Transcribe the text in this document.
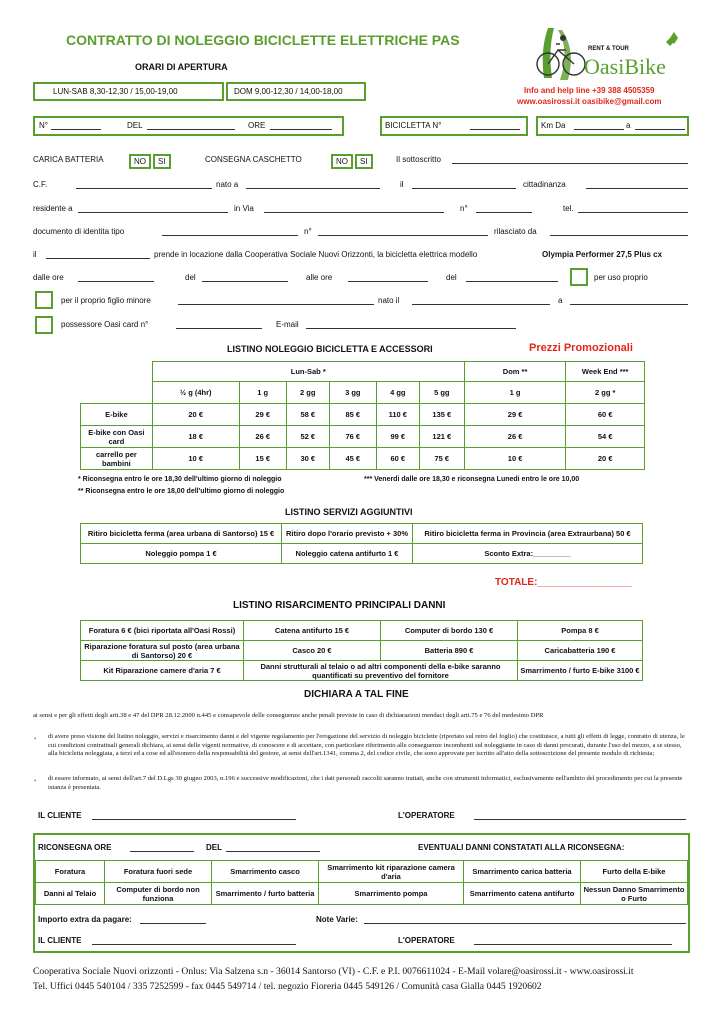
CONTRATTO DI NOLEGGIO BICICLETTE ELETTRICHE PAS
ORARI DI APERTURA
LUN-SAB 8,30-12,30 / 15,00-19,00	DOM 9,00-12,30 / 14,00-18,00
RENT & TOUR
OasiBike
Info and help line +39 388 4505359
www.oasirossi.it oasibike@gmail.com
N°	DEL	ORE	BICICLETTA N°	Km Da	a
CARICA BATTERIA	NO SI	CONSEGNA CASCHETTO	NO SI	Il sottoscritto
C.F.	nato a	il	cittadinanza
residente a	in Via	n°	tel.
documento di identita tipo	n°	rilasciato da
il	prende in locazione dalla Cooperativa Sociale Nuovi Orizzonti, la bicicletta elettrica modello	Olympia Performer 27,5 Plus cx
dalle ore	del	alle ore	del	per uso proprio
per il proprio figlio minore	nato il	a
possessore Oasi card n°	E-mail
LISTINO NOLEGGIO BICICLETTA E ACCESSORI	Prezzi Promozionali
	Lun-Sab *						Dom **	Week End ***
	½ g (4hr)	1 g	2 gg	3 gg	4 gg	5 gg	1 g	2 gg *
E-bike	20 €	29 €	58 €	85 €	110 €	135 €	29 €	60 €
E-bike con Oasi card	18 €	26 €	52 €	76 €	99 €	121 €	26 €	54 €
carrello per bambini	10 €	15 €	30 €	45 €	60 €	75 €	10 €	20 €
* Riconsegna entro le ore 18,30 dell'ultimo giorno di noleggio	*** Venerdi dalle ore 18,30 e riconsegna Lunedi entro le ore 10,00
** Riconsegna entro le ore 18,00 dell'ultimo giorno di noleggio
LISTINO SERVIZI AGGIUNTIVI
Ritiro bicicletta ferma (area urbana di Santorso) 15 €	Ritiro dopo l'orario previsto + 30%	Ritiro bicicletta ferma in Provincia (area Extraurbana) 50 €
Noleggio pompa 1 €	Noleggio catena antifurto 1 €	Sconto Extra:_________
TOTALE:_________________
LISTINO RISARCIMENTO PRINCIPALI DANNI
Foratura 6 € (bici riportata all'Oasi Rossi)	Catena antifurto 15 €	Computer di bordo 130 €	Pompa 8 €
Riparazione foratura sul posto (area urbana di Santorso) 20 €	Casco 20 €	Batteria 890 €	Caricabatteria 190 €
Kit Riparazione camere d'aria 7 €	Danni strutturali al telaio o ad altri componenti della e-bike saranno quantificati su preventivo del fornitore		Smarrimento / furto E-bike 3100 €
DICHIARA A TAL FINE
ai sensi e per gli effetti degli artt.38 e 47 del DPR 28.12.2000 n.445 e consapevole delle conseguenze anche penali previste in caso di dichiarazioni mendaci degli artt.75 e 76 del medesimo DPR
• di avere preso visione del listino noleggio, servizi e risarcimento danni e del vigente regolamento per l'erogazione del servizio di noleggio biciclette (riportato sul retro del foglio) che costituisce, a tutti gli effetti di legge, contratto di utenza, le cui condizioni contrattuali generali dichiara, ai sensi delle vigenti normative, di conoscere e di accettare, con particolare riferimento alle conseguenze incombenti sul noleggiante in caso di danni procurati, durante l'uso del mezzo, a se stesso, alla bicicletta noleggiata, a terzi ed a cose ed all'esonero della responsabilità del gestore, ai sensi dell'art.1341, comma 2, del codice civile, che sono approvate per iscritto all'atto della sottoscrizione del presente modulo di richiesta;
• di essere informato, ai sensi dell'art.7 del D.Lgs 30 giugno 2003, n.196 e successive modificazioni, che i dati personali raccolti saranno trattati, anche con strumenti informatici, esclusivamente nell'ambito del procedimento per cui la presente istanza è presentata.
IL CLIENTE	L'OPERATORE
RICONSEGNA ORE	DEL	EVENTUALI DANNI CONSTATATI ALLA RICONSEGNA:
Foratura	Foratura fuori sede	Smarrimento casco	Smarrimento kit riparazione camera d'aria	Smarrimento carica batteria	Furto della E-bike
Danni al Telaio	Computer di bordo non funziona	Smarrimento / furto batteria	Smarrimento pompa	Smarrimento catena antifurto	Nessun Danno Smarrimento o Furto
Importo extra da pagare:	Note Varie:
IL CLIENTE	L'OPERATORE
Cooperativa Sociale Nuovi orizzonti - Onlus: Via Salzena s.n - 36014 Santorso (VI) - C.F. e P.I. 0076611024 - E-Mail volare@oasirossi.it - www.oasirossi.it
Tel. Uffici 0445 540104 / 335 7252599 - fax 0445 549714 / tel. negozio Fioreria 0445 549126 / Comunità casa Gialla 0445 1920602
